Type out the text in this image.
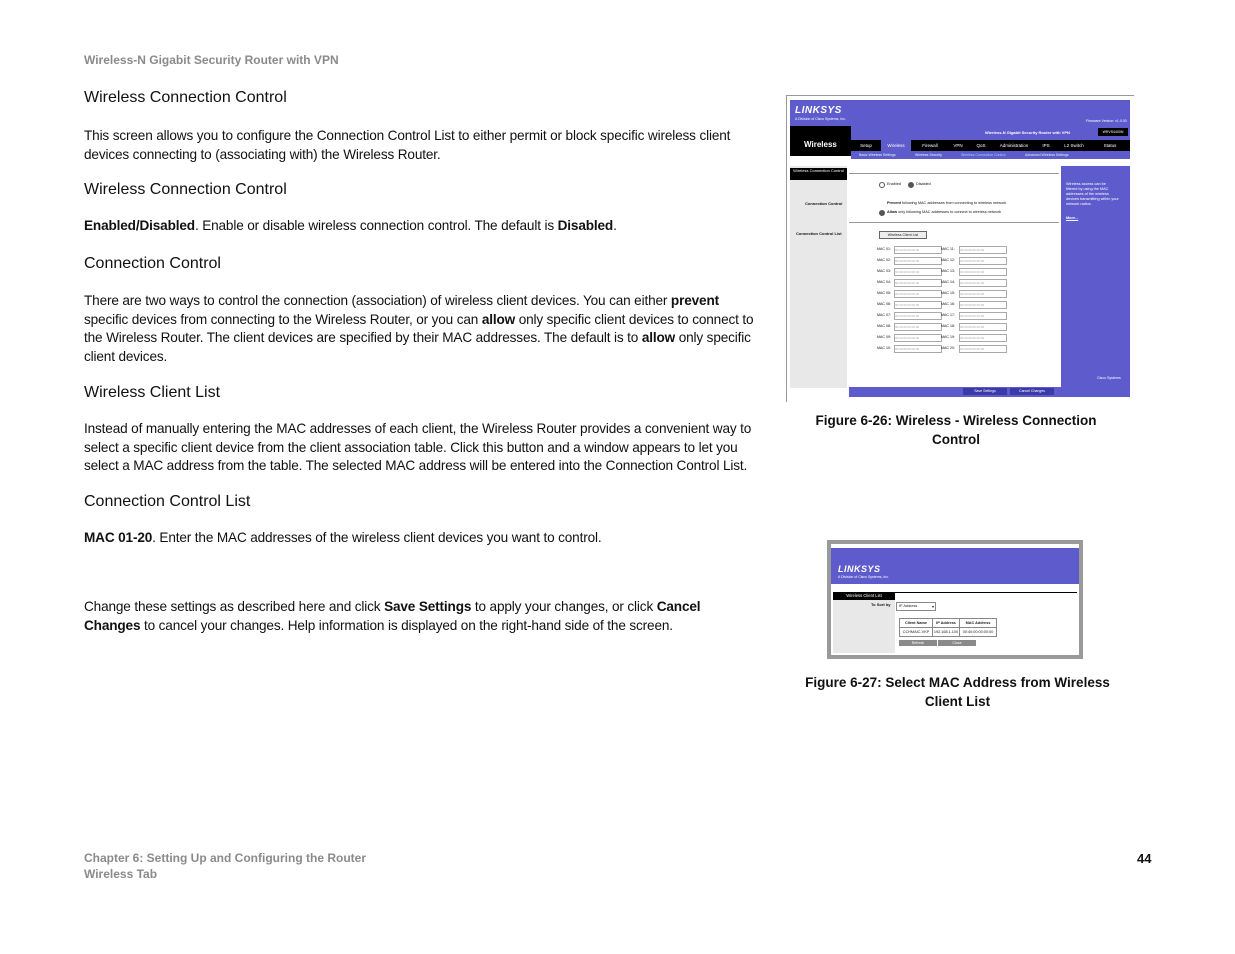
Wireless-N Gigabit Security Router with VPN
Wireless Connection Control
This screen allows you to configure the Connection Control List to either permit or block specific wireless client devices connecting to (associating with) the Wireless Router.
Wireless Connection Control
Enabled/Disabled. Enable or disable wireless connection control. The default is Disabled.
Connection Control
There are two ways to control the connection (association) of wireless client devices. You can either prevent specific devices from connecting to the Wireless Router, or you can allow only specific client devices to connect to the Wireless Router. The client devices are specified by their MAC addresses. The default is to allow only specific client devices.
Wireless Client List
Instead of manually entering the MAC addresses of each client, the Wireless Router provides a convenient way to select a specific client device from the client association table. Click this button and a window appears to let you select a MAC address from the table. The selected MAC address will be entered into the Connection Control List.
Connection Control List
MAC 01-20. Enter the MAC addresses of the wireless client devices you want to control.
Change these settings as described here and click Save Settings to apply your changes, or click Cancel Changes to cancel your changes. Help information is displayed on the right-hand side of the screen.
LINKSYS
A Division of Cisco Systems, Inc.	Firmware Version: v1.0.00
Wireless
Wireless-N Gigabit Security Router with VPN	WRVS4400N
Setup	Wireless	Firewall	VPN	QoS	Administration	IPS	L2 Switch	Status
Basic Wireless Settings	Wireless Security	Wireless Connection Control	Advanced Wireless Settings
Wireless Connection Control
Connection Control
Connection Control List
Enabled	Disabled
Prevent following MAC addresses from connecting to wireless network
Allow only following MAC addresses to connect to wireless network
Wireless Client List
MAC 01:	00:00:00:00:00:00	MAC 11:	00:00:00:00:00:00
MAC 02:	00:00:00:00:00:00	MAC 12:	00:00:00:00:00:00
MAC 03:	00:00:00:00:00:00	MAC 13:	00:00:00:00:00:00
MAC 04:	00:00:00:00:00:00	MAC 14:	00:00:00:00:00:00
MAC 05:	00:00:00:00:00:00	MAC 15:	00:00:00:00:00:00
MAC 06:	00:00:00:00:00:00	MAC 16:	00:00:00:00:00:00
MAC 07:	00:00:00:00:00:00	MAC 17:	00:00:00:00:00:00
MAC 08:	00:00:00:00:00:00	MAC 18:	00:00:00:00:00:00
MAC 09:	00:00:00:00:00:00	MAC 19:	00:00:00:00:00:00
MAC 10:	00:00:00:00:00:00	MAC 20:	00:00:00:00:00:00
Wireless access can be
filtered by using the MAC
addresses of the wireless
devices transmitting within your
network radius.
More...
Cisco Systems
Save Settings	Cancel Changes
Figure 6-26: Wireless - Wireless Connection
Control
LINKSYS
A Division of Cisco Systems, Inc.
Wireless Client List
To Sort by	IP Address	▾
Client Name	IP Address	MAC Address
CCHMAIC-VKP	192.168.1.100	00:40:00:00:00:00
Refresh	Close
Figure 6-27: Select MAC Address from Wireless
Client List
Chapter 6: Setting Up and Configuring the Router
Wireless Tab
44
